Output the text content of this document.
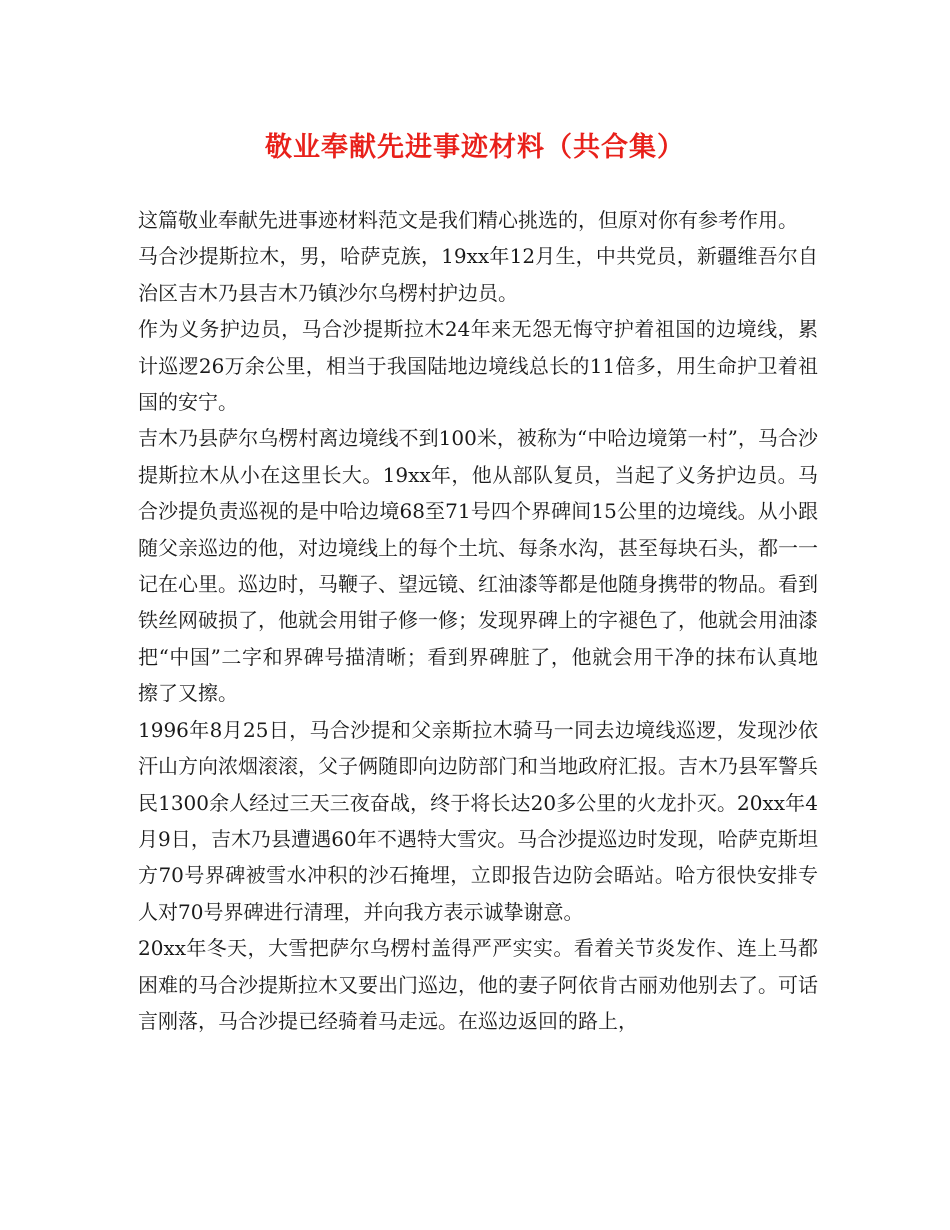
敬业奉献先进事迹材料（共合集）

这篇敬业奉献先进事迹材料范文是我们精心挑选的，但原对你有参考作用。

马合沙提斯拉木，男，哈萨克族，19xx年12月生，中共党员，新疆维吾尔自治区吉木乃县吉木乃镇沙尔乌楞村护边员。

作为义务护边员，马合沙提斯拉木24年来无怨无悔守护着祖国的边境线，累计巡逻26万余公里，相当于我国陆地边境线总长的11倍多，用生命护卫着祖国的安宁。

吉木乃县萨尔乌楞村离边境线不到100米，被称为“中哈边境第一村”，马合沙提斯拉木从小在这里长大。19xx年，他从部队复员，当起了义务护边员。马合沙提负责巡视的是中哈边境68至71号四个界碑间15公里的边境线。从小跟随父亲巡边的他，对边境线上的每个土坑、每条水沟，甚至每块石头，都一一记在心里。巡边时，马鞭子、望远镜、红油漆等都是他随身携带的物品。看到铁丝网破损了，他就会用钳子修一修；发现界碑上的字褪色了，他就会用油漆把“中国”二字和界碑号描清晰；看到界碑脏了，他就会用干净的抹布认真地擦了又擦。

1996年8月25日，马合沙提和父亲斯拉木骑马一同去边境线巡逻，发现沙依汗山方向浓烟滚滚，父子俩随即向边防部门和当地政府汇报。吉木乃县军警兵民1300余人经过三天三夜奋战，终于将长达20多公里的火龙扑灭。20xx年4月9日，吉木乃县遭遇60年不遇特大雪灾。马合沙提巡边时发现，哈萨克斯坦方70号界碑被雪水冲积的沙石掩埋，立即报告边防会晤站。哈方很快安排专人对70号界碑进行清理，并向我方表示诚挚谢意。

20xx年冬天，大雪把萨尔乌楞村盖得严严实实。看着关节炎发作、连上马都困难的马合沙提斯拉木又要出门巡边，他的妻子阿依肯古丽劝他别去了。可话言刚落，马合沙提已经骑着马走远。在巡边返回的路上，
